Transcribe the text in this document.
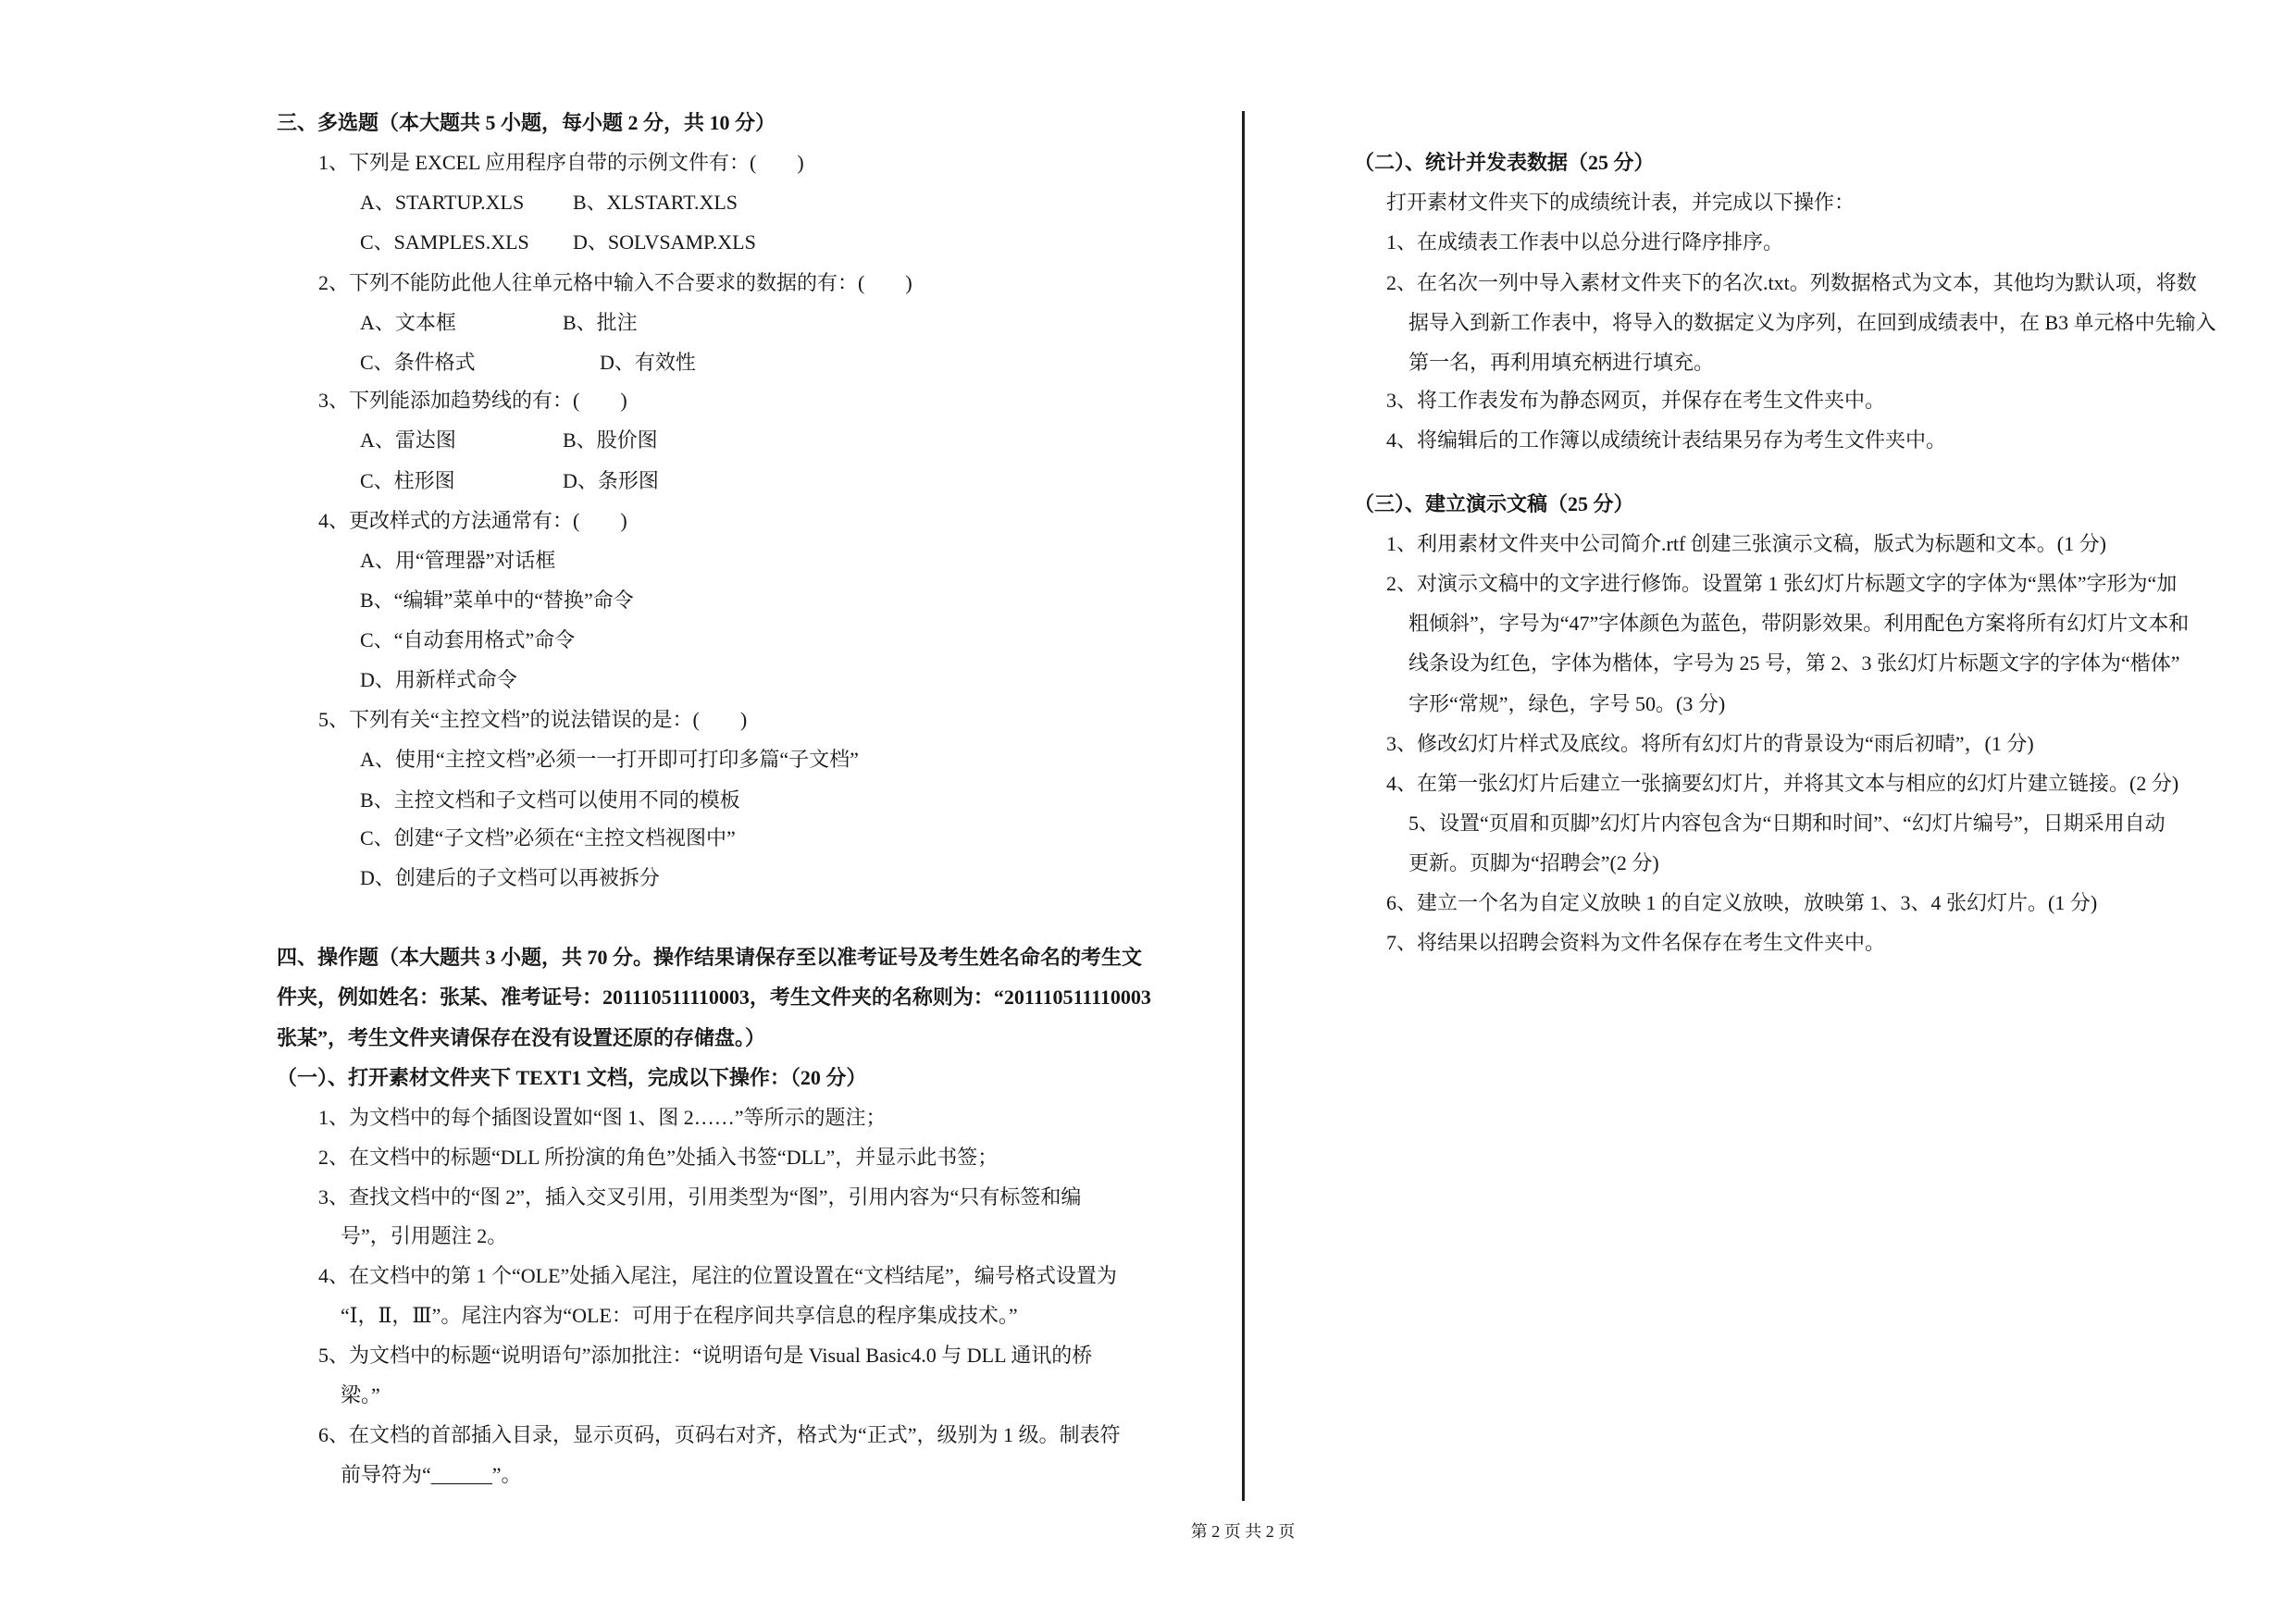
三、多选题（本大题共 5 小题，每小题 2 分，共 10 分）
1、下列是 EXCEL 应用程序自带的示例文件有：(        )
A、STARTUP.XLS B、XLSTART.XLS
C、SAMPLES.XLS D、SOLVSAMP.XLS
2、下列不能防此他人往单元格中输入不合要求的数据的有：(        )
A、文本框	B、批注
C、条件格式	D、有效性
3、下列能添加趋势线的有：(        )
A、雷达图	B、股价图
C、柱形图	D、条形图
4、更改样式的方法通常有：(        )
A、用“管理器”对话框
B、“编辑”菜单中的“替换”命令
C、“自动套用格式”命令
D、用新样式命令
5、下列有关“主控文档”的说法错误的是：(        )
A、使用“主控文档”必须一一打开即可打印多篇“子文档”
B、主控文档和子文档可以使用不同的模板
C、创建“子文档”必须在“主控文档视图中”
D、创建后的子文档可以再被拆分
四、操作题（本大题共 3 小题，共 70 分。操作结果请保存至以准考证号及考生姓名命名的考生文
件夹，例如姓名：张某、准考证号：201110511110003，考生文件夹的名称则为：“201110511110003
张某”，考生文件夹请保存在没有设置还原的存储盘。）
（一）、打开素材文件夹下 TEXT1 文档，完成以下操作：（20 分）
1、为文档中的每个插图设置如“图 1、图 2……”等所示的题注；
2、在文档中的标题“DLL 所扮演的角色”处插入书签“DLL”，并显示此书签；
3、查找文档中的“图 2”，插入交叉引用，引用类型为“图”，引用内容为“只有标签和编
号”，引用题注 2。
4、在文档中的第 1 个“OLE”处插入尾注，尾注的位置设置在“文档结尾”，编号格式设置为
“Ⅰ，Ⅱ，Ⅲ”。尾注内容为“OLE：可用于在程序间共享信息的程序集成技术。”
5、为文档中的标题“说明语句”添加批注：“说明语句是 Visual Basic4.0 与 DLL 通讯的桥
梁。”
6、在文档的首部插入目录，显示页码，页码右对齐，格式为“正式”，级别为 1 级。制表符
前导符为“______”。
（二）、统计并发表数据（25 分）
打开素材文件夹下的成绩统计表，并完成以下操作：
1、在成绩表工作表中以总分进行降序排序。
2、在名次一列中导入素材文件夹下的名次.txt。列数据格式为文本，其他均为默认项，将数
据导入到新工作表中，将导入的数据定义为序列，在回到成绩表中，在 B3 单元格中先输入
第一名，再利用填充柄进行填充。
3、将工作表发布为静态网页，并保存在考生文件夹中。
4、将编辑后的工作簿以成绩统计表结果另存为考生文件夹中。
（三）、建立演示文稿（25 分）
1、利用素材文件夹中公司简介.rtf 创建三张演示文稿，版式为标题和文本。(1 分)
2、对演示文稿中的文字进行修饰。设置第 1 张幻灯片标题文字的字体为“黑体”字形为“加
粗倾斜”，字号为“47”字体颜色为蓝色，带阴影效果。利用配色方案将所有幻灯片文本和
线条设为红色，字体为楷体，字号为 25 号，第 2、3 张幻灯片标题文字的字体为“楷体”
字形“常规”，绿色，字号 50。(3 分)
3、修改幻灯片样式及底纹。将所有幻灯片的背景设为“雨后初晴”，(1 分)
4、在第一张幻灯片后建立一张摘要幻灯片，并将其文本与相应的幻灯片建立链接。(2 分)
5、设置“页眉和页脚”幻灯片内容包含为“日期和时间”、“幻灯片编号”，日期采用自动
更新。页脚为“招聘会”(2 分)
6、建立一个名为自定义放映 1 的自定义放映，放映第 1、3、4 张幻灯片。(1 分)
7、将结果以招聘会资料为文件名保存在考生文件夹中。
第 2 页 共 2 页
